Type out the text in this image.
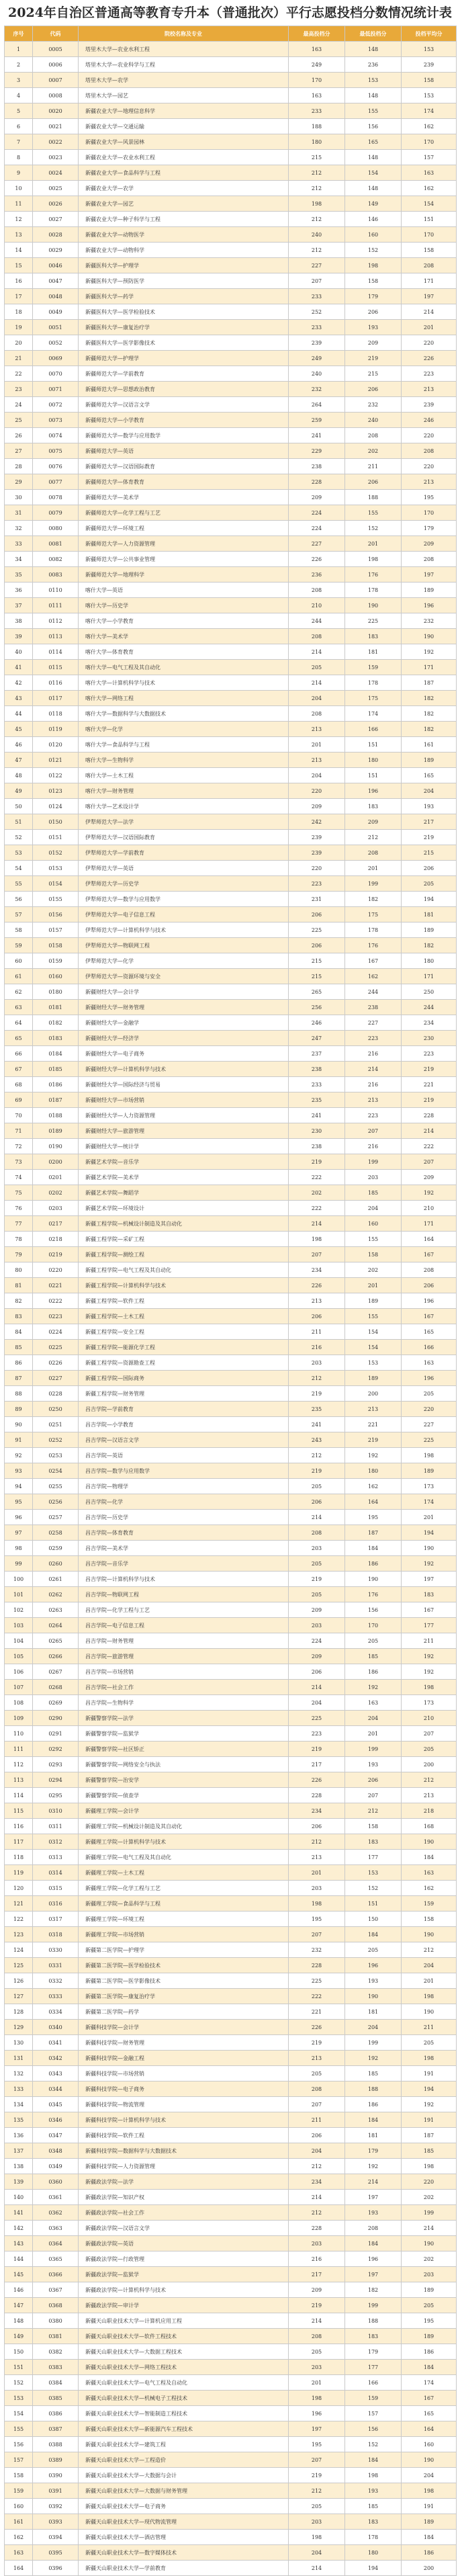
2024年自治区普通高等教育专升本（普通批次）平行志愿投档分数情况统计表
序号	代码	院校名称及专业	最高投档分	最低投档分	投档平均分
1	0005	塔里木大学—农业水利工程	163	148	153
2	0006	塔里木大学—农业科学与工程	249	236	239
3	0007	塔里木大学—农学	170	153	158
4	0008	塔里木大学—园艺	163	148	153
5	0020	新疆农业大学—地理信息科学	233	155	174
6	0021	新疆农业大学—交通运输	188	156	162
7	0022	新疆农业大学—风景园林	180	165	170
8	0023	新疆农业大学—农业水利工程	215	148	157
9	0024	新疆农业大学—食品科学与工程	212	154	163
10	0025	新疆农业大学—农学	212	148	162
11	0026	新疆农业大学—园艺	198	149	154
12	0027	新疆农业大学—种子科学与工程	212	146	151
13	0028	新疆农业大学—动物医学	240	160	170
14	0029	新疆农业大学—动物科学	212	152	158
15	0046	新疆医科大学—护理学	227	198	208
16	0047	新疆医科大学—预防医学	207	158	171
17	0048	新疆医科大学—药学	233	179	197
18	0049	新疆医科大学—医学检验技术	252	206	214
19	0051	新疆医科大学—康复治疗学	233	193	201
20	0052	新疆医科大学—医学影像技术	239	209	220
21	0069	新疆师范大学—护理学	249	219	226
22	0070	新疆师范大学—学前教育	240	215	223
23	0071	新疆师范大学—思想政治教育	232	206	213
24	0072	新疆师范大学—汉语言文学	264	232	239
25	0073	新疆师范大学—小学教育	259	240	246
26	0074	新疆师范大学—数学与应用数学	241	208	220
27	0075	新疆师范大学—英语	229	202	208
28	0076	新疆师范大学—汉语国际教育	238	211	220
29	0077	新疆师范大学—体育教育	228	206	213
30	0078	新疆师范大学—美术学	209	188	195
31	0079	新疆师范大学—化学工程与工艺	224	155	170
32	0080	新疆师范大学—环境工程	224	152	179
33	0081	新疆师范大学—人力资源管理	227	201	209
34	0082	新疆师范大学—公共事业管理	226	198	208
35	0083	新疆师范大学—地理科学	236	176	197
36	0110	喀什大学—英语	208	178	189
37	0111	喀什大学—历史学	210	190	196
38	0112	喀什大学—小学教育	244	225	232
39	0113	喀什大学—美术学	208	183	190
40	0114	喀什大学—体育教育	214	181	192
41	0115	喀什大学—电气工程及其自动化	205	159	171
42	0116	喀什大学—计算机科学与技术	214	178	187
43	0117	喀什大学—网络工程	204	175	182
44	0118	喀什大学—数据科学与大数据技术	208	174	182
45	0119	喀什大学—化学	213	166	182
46	0120	喀什大学—食品科学与工程	201	151	161
47	0121	喀什大学—生物科学	213	180	189
48	0122	喀什大学—土木工程	204	151	165
49	0123	喀什大学—财务管理	220	196	204
50	0124	喀什大学—艺术设计学	209	183	193
51	0150	伊犁师范大学—法学	242	209	217
52	0151	伊犁师范大学—汉语国际教育	239	212	219
53	0152	伊犁师范大学—学前教育	239	208	215
54	0153	伊犁师范大学—英语	220	201	206
55	0154	伊犁师范大学—历史学	223	199	205
56	0155	伊犁师范大学—数学与应用数学	231	182	194
57	0156	伊犁师范大学—电子信息工程	206	175	181
58	0157	伊犁师范大学—计算机科学与技术	225	178	189
59	0158	伊犁师范大学—物联网工程	206	176	182
60	0159	伊犁师范大学—化学	215	167	180
61	0160	伊犁师范大学—资源环境与安全	215	162	171
62	0180	新疆财经大学—会计学	265	244	250
63	0181	新疆财经大学—财务管理	256	238	244
64	0182	新疆财经大学—金融学	246	227	234
65	0183	新疆财经大学—经济学	247	223	230
66	0184	新疆财经大学—电子商务	237	216	223
67	0185	新疆财经大学—计算机科学与技术	238	214	219
68	0186	新疆财经大学—国际经济与贸易	233	216	221
69	0187	新疆财经大学—市场营销	235	213	219
70	0188	新疆财经大学—人力资源管理	241	223	228
71	0189	新疆财经大学—旅游管理	230	207	214
72	0190	新疆财经大学—统计学	238	216	222
73	0200	新疆艺术学院—音乐学	219	199	207
74	0201	新疆艺术学院—美术学	222	203	209
75	0202	新疆艺术学院—舞蹈学	202	185	192
76	0203	新疆艺术学院—环境设计	222	204	210
77	0217	新疆工程学院—机械设计制造及其自动化	214	160	171
78	0218	新疆工程学院—采矿工程	198	155	164
79	0219	新疆工程学院—测绘工程	207	158	167
80	0220	新疆工程学院—电气工程及其自动化	234	202	208
81	0221	新疆工程学院—计算机科学与技术	226	201	206
82	0222	新疆工程学院—软件工程	213	189	196
83	0223	新疆工程学院—土木工程	206	155	167
84	0224	新疆工程学院—安全工程	211	154	165
85	0225	新疆工程学院—能源化学工程	216	154	166
86	0226	新疆工程学院—资源勘查工程	203	153	163
87	0227	新疆工程学院—国际商务	212	189	196
88	0228	新疆工程学院—财务管理	219	200	205
89	0250	昌吉学院—学前教育	235	213	220
90	0251	昌吉学院—小学教育	241	221	227
91	0252	昌吉学院—汉语言文学	243	219	225
92	0253	昌吉学院—英语	212	192	198
93	0254	昌吉学院—数学与应用数学	219	180	189
94	0255	昌吉学院—物理学	205	162	173
95	0256	昌吉学院—化学	206	164	174
96	0257	昌吉学院—历史学	214	195	201
97	0258	昌吉学院—体育教育	208	187	194
98	0259	昌吉学院—美术学	203	184	190
99	0260	昌吉学院—音乐学	205	186	192
100	0261	昌吉学院—计算机科学与技术	219	190	197
101	0262	昌吉学院—物联网工程	205	176	183
102	0263	昌吉学院—化学工程与工艺	209	156	167
103	0264	昌吉学院—电子信息工程	203	170	177
104	0265	昌吉学院—财务管理	224	205	211
105	0266	昌吉学院—旅游管理	209	185	192
106	0267	昌吉学院—市场营销	206	186	192
107	0268	昌吉学院—社会工作	214	192	198
108	0269	昌吉学院—生物科学	204	163	173
109	0290	新疆警察学院—法学	225	204	210
110	0291	新疆警察学院—监狱学	223	201	207
111	0292	新疆警察学院—社区矫正	219	199	205
112	0293	新疆警察学院—网络安全与执法	217	193	200
113	0294	新疆警察学院—治安学	226	206	212
114	0295	新疆警察学院—侦查学	228	207	213
115	0310	新疆理工学院—会计学	234	212	218
116	0311	新疆理工学院—机械设计制造及其自动化	206	158	168
117	0312	新疆理工学院—计算机科学与技术	212	183	190
118	0313	新疆理工学院—电气工程及其自动化	213	177	184
119	0314	新疆理工学院—土木工程	201	153	163
120	0315	新疆理工学院—化学工程与工艺	203	152	162
121	0316	新疆理工学院—食品科学与工程	198	151	159
122	0317	新疆理工学院—环境工程	195	150	158
123	0318	新疆理工学院—市场营销	207	184	190
124	0330	新疆第二医学院—护理学	232	205	212
125	0331	新疆第二医学院—医学检验技术	228	196	204
126	0332	新疆第二医学院—医学影像技术	225	193	201
127	0333	新疆第二医学院—康复治疗学	222	190	198
128	0334	新疆第二医学院—药学	221	181	190
129	0340	新疆科技学院—会计学	226	204	211
130	0341	新疆科技学院—财务管理	219	199	205
131	0342	新疆科技学院—金融工程	213	192	198
132	0343	新疆科技学院—市场营销	205	185	191
133	0344	新疆科技学院—电子商务	208	188	194
134	0345	新疆科技学院—物流管理	207	186	192
135	0346	新疆科技学院—计算机科学与技术	211	184	191
136	0347	新疆科技学院—软件工程	206	181	187
137	0348	新疆科技学院—数据科学与大数据技术	204	179	185
138	0349	新疆科技学院—人力资源管理	212	192	198
139	0360	新疆政法学院—法学	234	214	220
140	0361	新疆政法学院—知识产权	214	197	202
141	0362	新疆政法学院—社会工作	212	193	199
142	0363	新疆政法学院—汉语言文学	228	208	214
143	0364	新疆政法学院—英语	203	184	190
144	0365	新疆政法学院—行政管理	216	196	202
145	0366	新疆政法学院—监狱学	217	197	203
146	0367	新疆政法学院—计算机科学与技术	209	182	189
147	0368	新疆政法学院—审计学	219	199	205
148	0380	新疆天山职业技术大学—计算机应用工程	214	188	195
149	0381	新疆天山职业技术大学—软件工程技术	208	183	189
150	0382	新疆天山职业技术大学—大数据工程技术	205	179	186
151	0383	新疆天山职业技术大学—网络工程技术	203	177	184
152	0384	新疆天山职业技术大学—电气工程及自动化	201	166	174
153	0385	新疆天山职业技术大学—机械电子工程技术	198	159	167
154	0386	新疆天山职业技术大学—智能制造工程技术	196	157	165
155	0387	新疆天山职业技术大学—新能源汽车工程技术	197	156	164
156	0388	新疆天山职业技术大学—建筑工程	195	152	160
157	0389	新疆天山职业技术大学—工程造价	207	184	190
158	0390	新疆天山职业技术大学—大数据与会计	219	198	204
159	0391	新疆天山职业技术大学—大数据与财务管理	212	193	198
160	0392	新疆天山职业技术大学—电子商务	205	185	191
161	0393	新疆天山职业技术大学—现代物流管理	203	183	189
162	0394	新疆天山职业技术大学—酒店管理	198	178	184
163	0395	新疆天山职业技术大学—数字媒体技术	204	180	186
164	0396	新疆天山职业技术大学—学前教育	214	194	200
